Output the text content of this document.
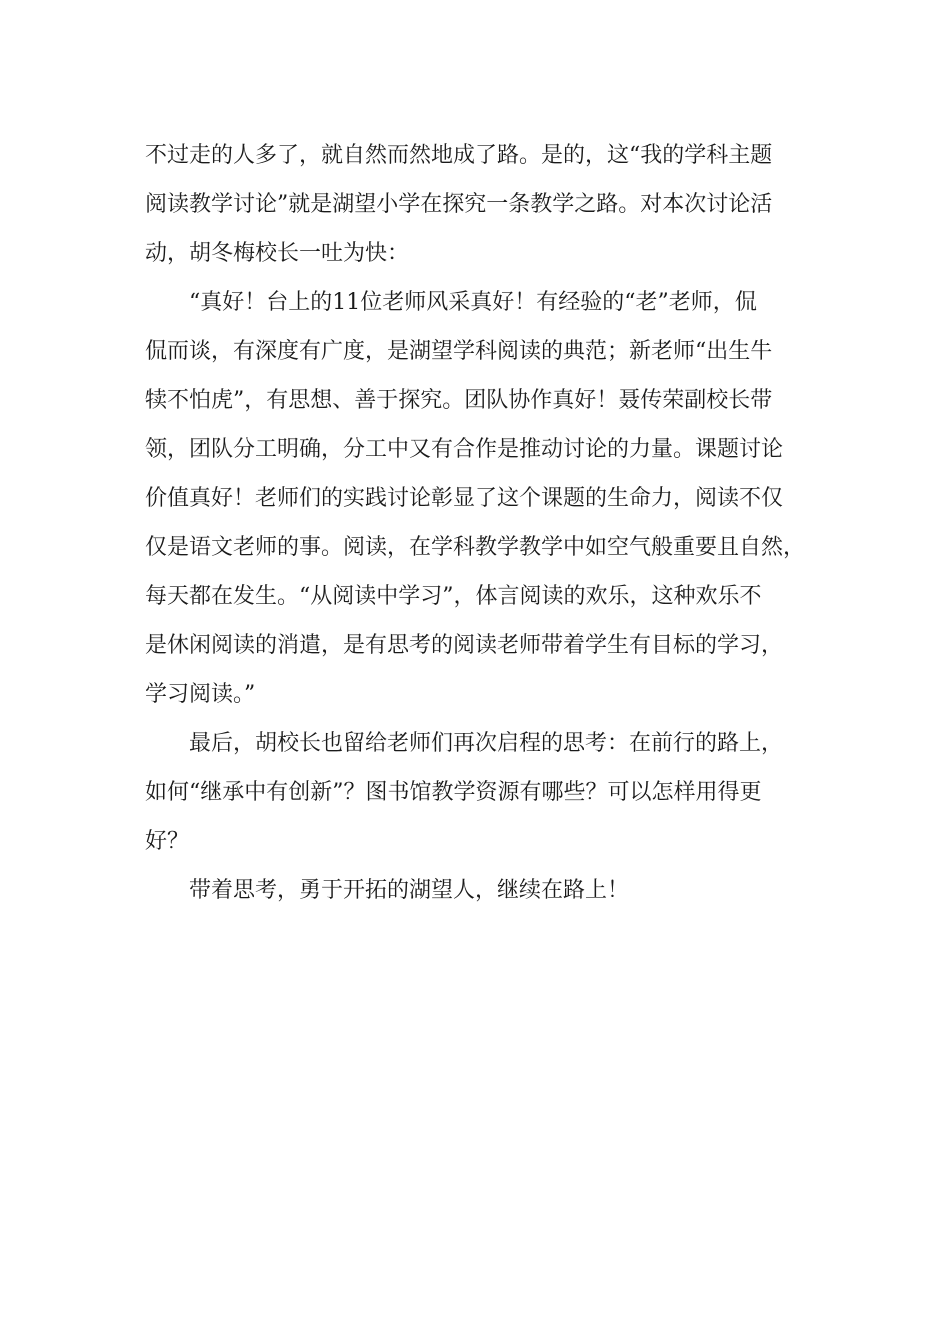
不过走的人多了，就自然而然地成了路。是的，这“我的学科主题
阅读教学讨论”就是湖望小学在探究一条教学之路。对本次讨论活
动，胡冬梅校长一吐为快：
“真好！台上的11位老师风采真好！有经验的“老”老师，侃
侃而谈，有深度有广度，是湖望学科阅读的典范；新老师“出生牛
犊不怕虎”，有思想、善于探究。团队协作真好！聂传荣副校长带
领，团队分工明确，分工中又有合作是推动讨论的力量。课题讨论
价值真好！老师们的实践讨论彰显了这个课题的生命力，阅读不仅
仅是语文老师的事。阅读，在学科教学教学中如空气般重要且自然，
每天都在发生。“从阅读中学习”，体言阅读的欢乐，这种欢乐不
是休闲阅读的消遣，是有思考的阅读老师带着学生有目标的学习，
学习阅读。”
最后，胡校长也留给老师们再次启程的思考：在前行的路上，
如何“继承中有创新”？图书馆教学资源有哪些？可以怎样用得更
好？
带着思考，勇于开拓的湖望人，继续在路上！
